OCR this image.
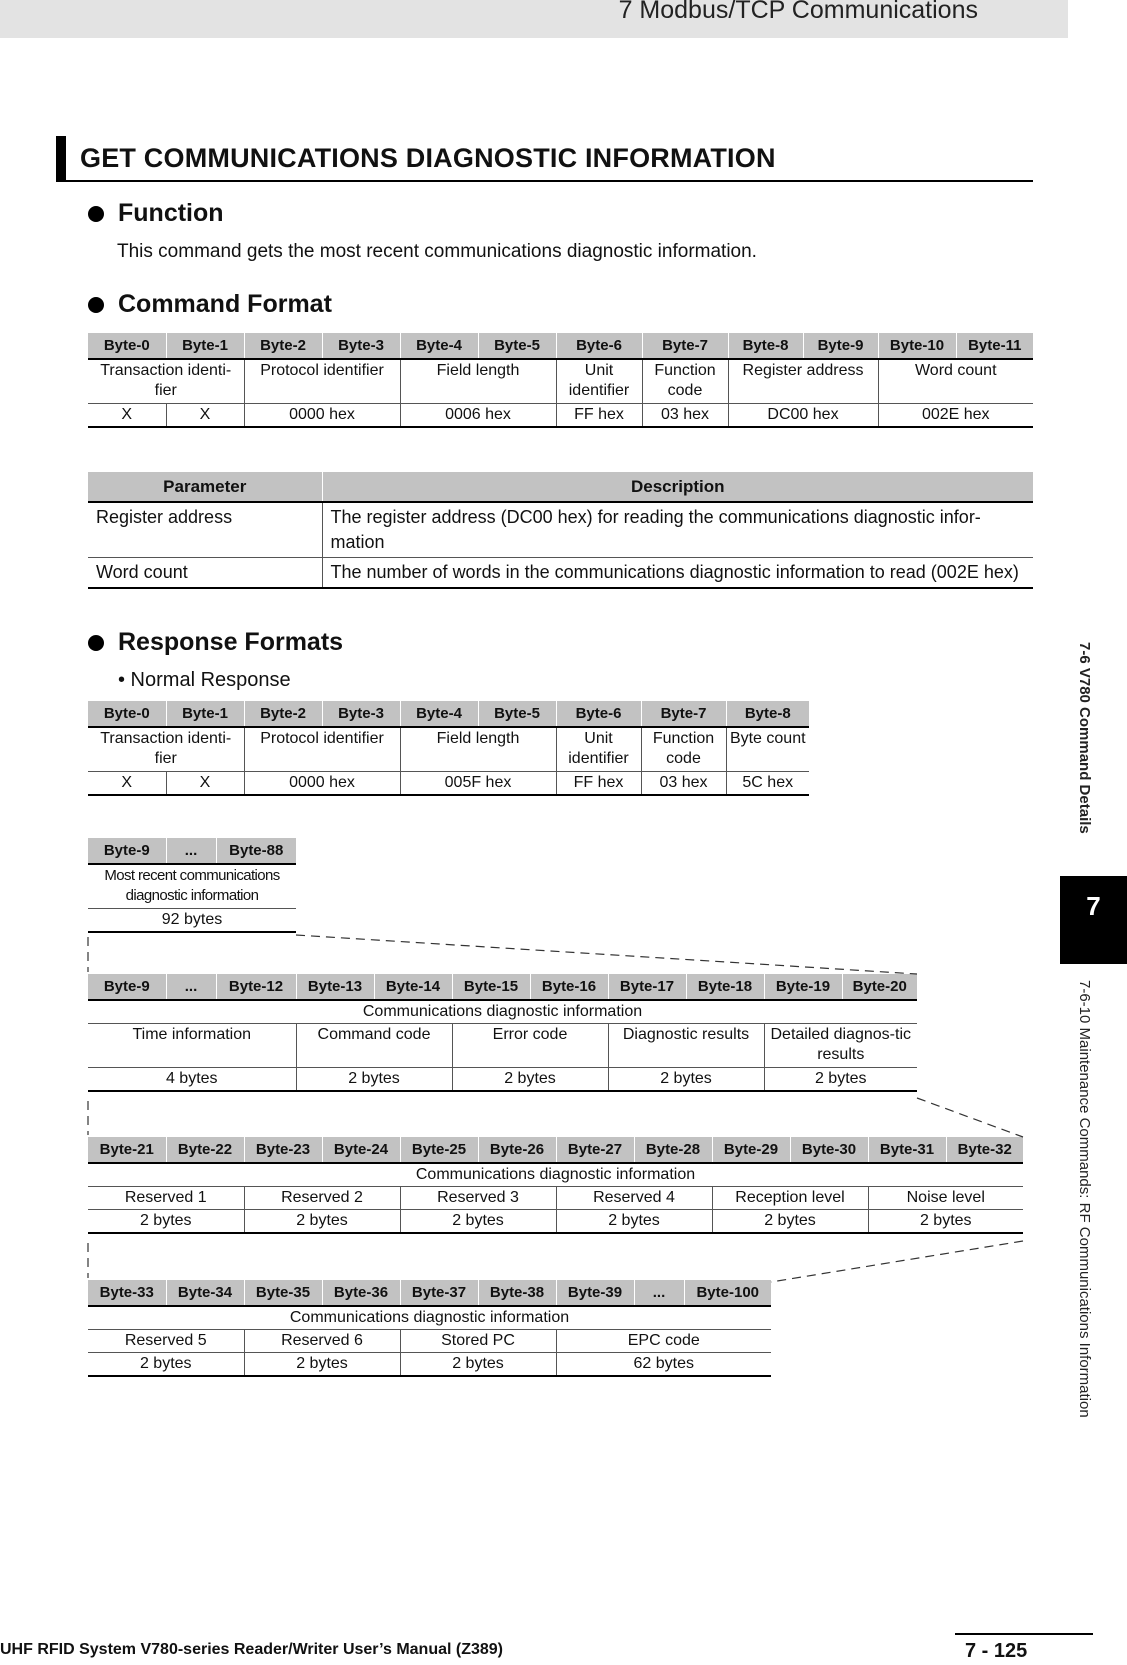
7 Modbus/TCP Communications
GET COMMUNICATIONS DIAGNOSTIC INFORMATION
Function
This command gets the most recent communications diagnostic information.
Command Format
Byte-0	Byte-1	Byte-2	Byte-3	Byte-4	Byte-5	Byte-6	Byte-7	Byte-8	Byte-9	Byte-10	Byte-11
Transaction identi-fier		Protocol identifier		Field length		Unit identifier	Function code	Register address		Word count	
X	X	0000 hex		0006 hex		FF hex	03 hex	DC00 hex		002E hex	
Parameter	Description
Register address	The register address (DC00 hex) for reading the communications diagnostic infor-mation
Word count	The number of words in the communications diagnostic information to read (002E hex)
Response Formats
• Normal Response
Byte-0	Byte-1	Byte-2	Byte-3	Byte-4	Byte-5	Byte-6	Byte-7	Byte-8
Transaction identi-fier		Protocol identifier		Field length		Unit identifier	Function code	Byte count
X	X	0000 hex		005F hex		FF hex	03 hex	5C hex
Byte-9	...	Byte-88
Most recent communications diagnostic information
92 bytes
Byte-9	...	Byte-12	Byte-13	Byte-14	Byte-15	Byte-16	Byte-17	Byte-18	Byte-19	Byte-20
Communications diagnostic information										
Time information			Command code		Error code		Diagnostic results		Detailed diagnos-tic results	
4 bytes			2 bytes		2 bytes		2 bytes		2 bytes	
Byte-21	Byte-22	Byte-23	Byte-24	Byte-25	Byte-26	Byte-27	Byte-28	Byte-29	Byte-30	Byte-31	Byte-32
Communications diagnostic information											
Reserved 1		Reserved 2		Reserved 3		Reserved 4		Reception level		Noise level	
2 bytes		2 bytes		2 bytes		2 bytes		2 bytes		2 bytes	
Byte-33	Byte-34	Byte-35	Byte-36	Byte-37	Byte-38	Byte-39	...	Byte-100
Communications diagnostic information								
Reserved 5		Reserved 6		Stored PC		EPC code		
2 bytes		2 bytes		2 bytes		62 bytes		
7-6 V780 Command Details
7
7-6-10 Maintenance Commands: RF Communications Information
UHF RFID System V780-series Reader/Writer User’s Manual (Z389)	7 - 125
